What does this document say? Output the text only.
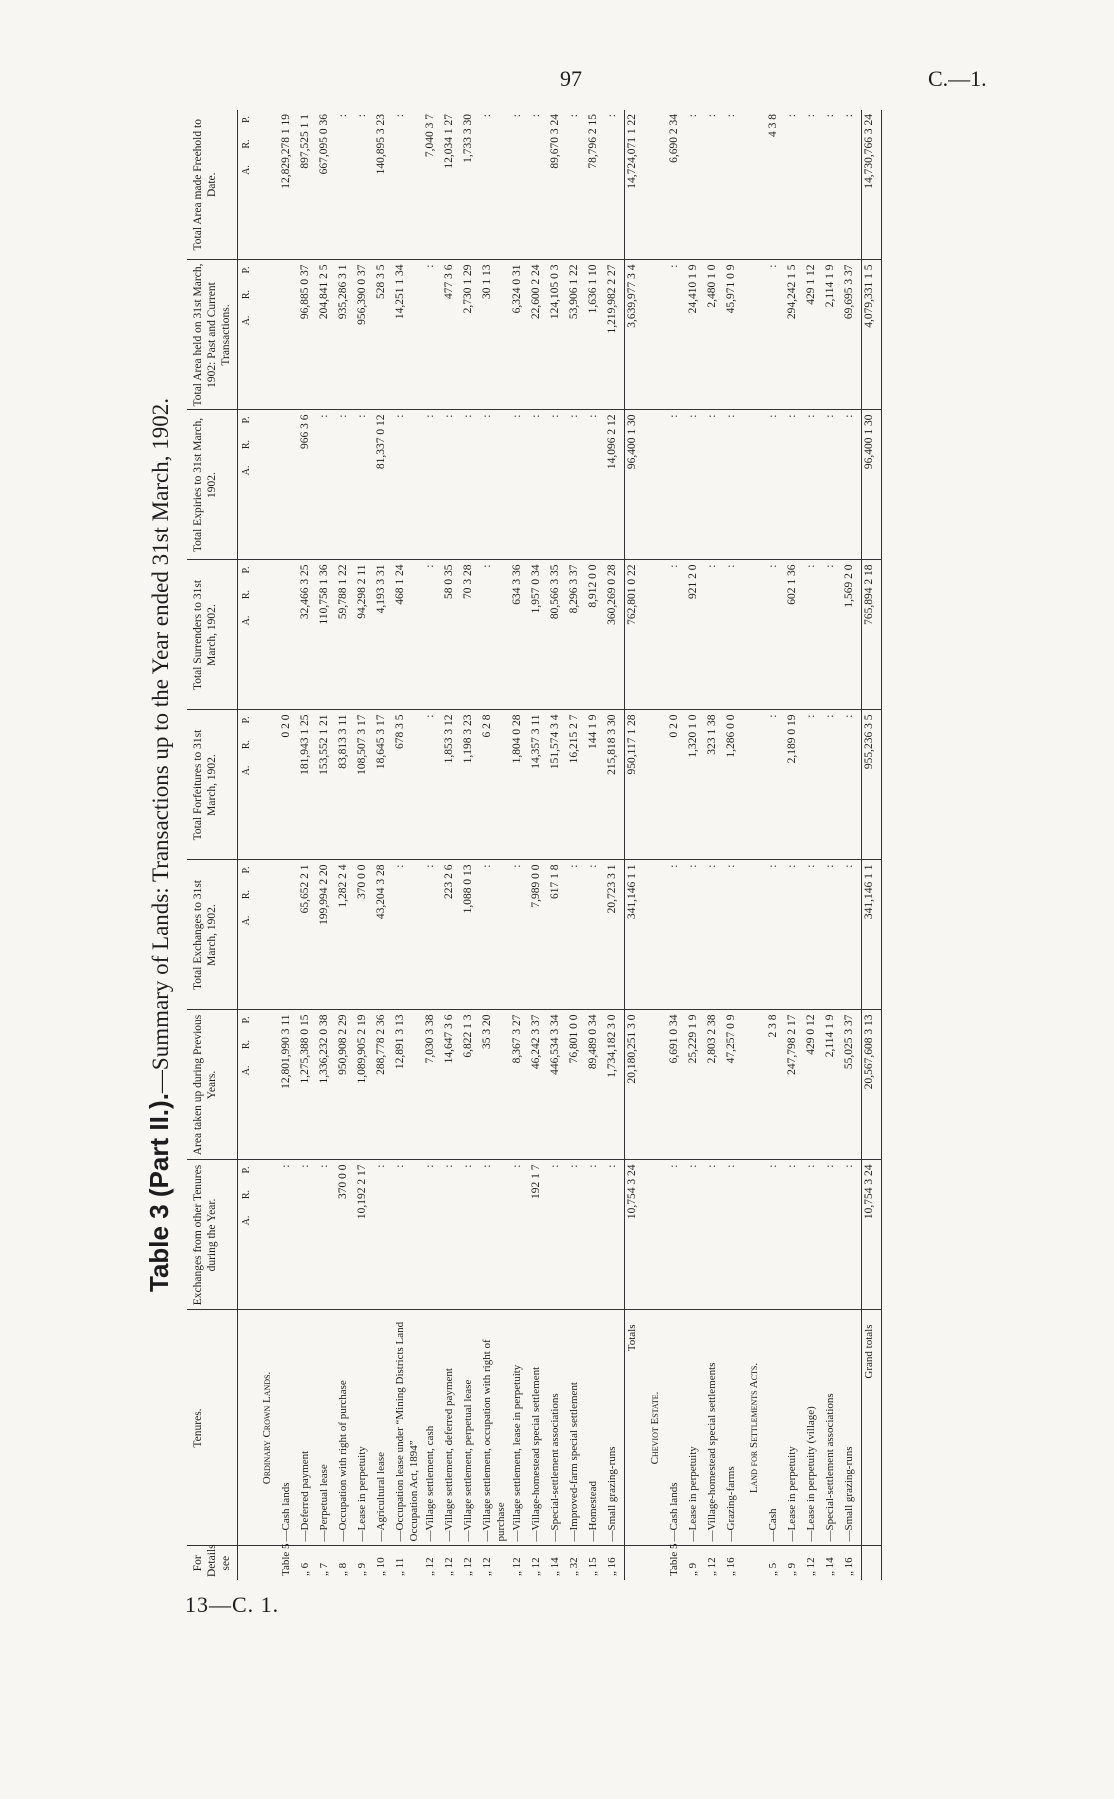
97	C.—1.
13—C. 1.
Table 3 (Part II.).—Summary of Lands: Transactions up to the Year ended 31st March, 1902.
For Details see	Tenures.	Exchanges from other Tenures during the Year.	Area taken up during Previous Years.	Total Exchanges to 31st March, 1902.	Total Forfeitures to 31st March, 1902.	Total Surrenders to 31st March, 1902.	Total Expiries to 31st March, 1902.	Total Area held on 31st March, 1902: Past and Current Transactions.	Total Area made Freehold to Date.
		A. R. P.	A. R. P.	A. R. P.	A. R. P.	A. R. P.	A. R. P.	A. R. P.	A. R. P.
	Ordinary Crown Lands.								
Table 5	—Cash lands	:	12,801,990 3 11		0 2 0				12,829,278 1 19
„ 6	—Deferred payment	:	1,275,388 0 15	65,652 2 1	181,943 1 25	32,466 3 25	966 3 6	96,885 0 37	897,525 1 1
„ 7	—Perpetual lease	:	1,336,232 0 38	199,994 2 20	153,552 1 21	110,758 1 36	:	204,841 2 5	667,095 0 36
„ 8	—Occupation with right of purchase	370 0 0	950,908 2 29	1,282 2 4	83,813 3 11	59,788 1 22	:	935,286 3 1	:
„ 9	—Lease in perpetuity	10,192 2 17	1,089,905 2 19	370 0 0	108,507 3 17	94,298 2 11	:	956,390 0 37	:
„ 10	—Agricultural lease	:	288,778 2 36	43,204 3 28	18,645 3 17	4,193 3 31	81,337 0 12	528 3 5	140,895 3 23
„ 11	—Occupation lease under “Mining Districts Land Occupation Act, 1894”	:	12,891 3 13	:	678 3 5	468 1 24	:	14,251 1 34	:
„ 12	—Village settlement, cash	:	7,030 3 38	:	:	:	:	:	7,040 3 7
„ 12	—Village settlement, deferred payment	:	14,647 3 6	223 2 6	1,853 3 12	58 0 35	:	477 3 6	12,034 1 27
„ 12	—Village settlement, perpetual lease	:	6,822 1 3	1,088 0 13	1,198 3 23	70 3 28	:	2,730 1 29	1,733 3 30
„ 12	—Village settlement, occupation with right of purchase	:	35 3 20	:	6 2 8	:	:	30 1 13	:
„ 12	—Village settlement, lease in perpetuity	:	8,367 3 27	:	1,804 0 28	634 3 36	:	6,324 0 31	:
„ 12	—Village-homestead special settlement	192 1 7	46,242 3 37	7,989 0 0	14,357 3 11	1,957 0 34	:	22,600 2 24	:
„ 14	—Special-settlement associations	:	446,534 3 34	617 1 8	151,574 3 4	80,566 3 35	:	124,105 0 3	89,670 3 24
„ 32	—Improved-farm special settlement	:	76,801 0 0	:	16,215 2 7	8,296 3 37	:	53,906 1 22	:
„ 15	—Homestead	:	89,489 0 34	:	144 1 9	8,912 0 0	:	1,636 1 10	78,796 2 15
„ 16	—Small grazing-runs	:	1,734,182 3 0	20,723 3 1	215,818 3 30	360,269 0 28	14,096 2 12	1,219,982 2 27	:
	Totals	10,754 3 24	20,180,251 3 0	341,146 1 1	950,117 1 28	762,801 0 22	96,400 1 30	3,639,977 3 4	14,724,071 1 22
	Cheviot Estate.								
Table 5	—Cash lands	:	6,691 0 34	:	0 2 0	:	:	:	6,690 2 34
„ 9	—Lease in perpetuity	:	25,229 1 9	:	1,320 1 0	921 2 0	:	24,410 1 9	:
„ 12	—Village-homestead special settlements	:	2,803 2 38	:	323 1 38	:	:	2,480 1 0	:
„ 16	—Grazing-farms	:	47,257 0 9	:	1,286 0 0	:	:	45,971 0 9	:
	Land for Settlements Acts.								
„ 5	—Cash	:	2 3 8	:	:	:	:	:	4 3 8
„ 9	—Lease in perpetuity	:	247,798 2 17	:	2,189 0 19	602 1 36	:	294,242 1 5	:
„ 12	—Lease in perpetuity (village)	:	429 0 12	:	:	:	:	429 1 12	:
„ 14	—Special-settlement associations	:	2,114 1 9	:	:	:	:	2,114 1 9	:
„ 16	—Small grazing-runs	:	55,025 3 37	:	:	1,569 2 0	:	69,695 3 37	:
	Grand totals	10,754 3 24	20,567,608 3 13	341,146 1 1	955,236 3 5	765,894 2 18	96,400 1 30	4,079,331 1 5	14,730,766 3 24
